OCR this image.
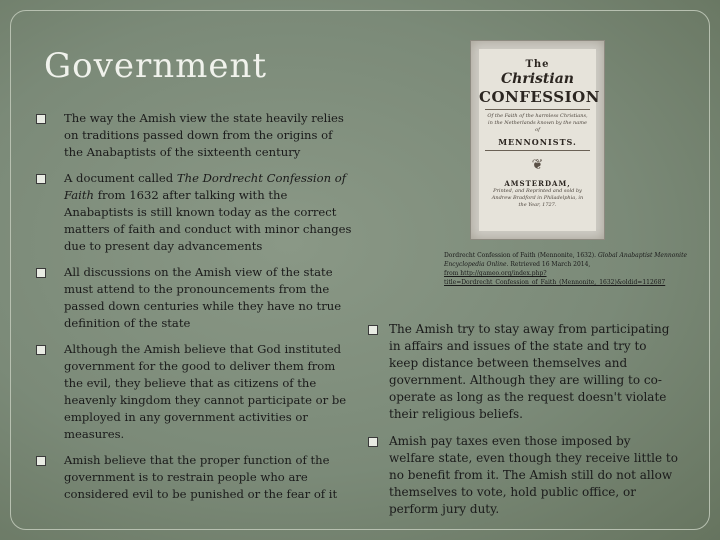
Government
The way the Amish view the state heavily relies on traditions passed down from the origins of the Anabaptists of the sixteenth century
A document called The Dordrecht Confession of Faith from 1632 after talking with the Anabaptists is still known today as the correct matters of faith and conduct with minor changes due to present day advancements
All discussions on the Amish view of the state must attend to the pronouncements from the passed down centuries while they have no true definition of the state
Although the Amish believe that God instituted government for the good to deliver them from the evil, they believe that as citizens of the heavenly kingdom they cannot participate or be employed in any government activities or measures.
Amish believe that the proper function of the government is to restrain people who are considered evil to be punished or the fear of it
The
Christian
CONFESSION
Of the Faith of the harmless Christians, in the Netherlands known by the name of
MENNONISTS.
❦
AMSTERDAM,
Printed, and Reprinted and sold by Andrew Bradford in Philadelphia, in the Year, 1727.
Dordrecht Confession of Faith (Mennonite, 1632). Global Anabaptist Mennonite Encyclopedia Online. Retrieved 16 March 2014,
from http://gameo.org/index.php?title=Dordrecht_Confession_of_Faith_(Mennonite,_1632)&oldid=112687
The Amish try to stay away from participating in affairs and issues of the state and try to keep distance between themselves and government. Although they are willing to co-operate as long as the request doesn't violate their religious beliefs.
Amish pay taxes even those imposed by welfare state, even though they receive little to no benefit from it. The Amish still do not allow themselves to vote, hold public office, or perform jury duty.
